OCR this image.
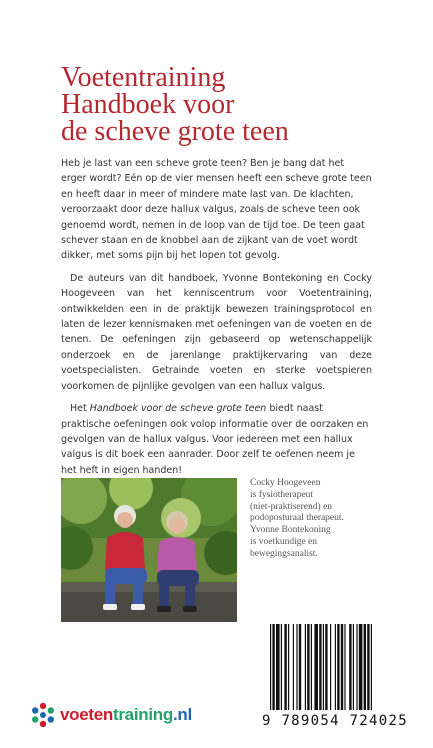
Voetentraining
Handboek voor
de scheve grote teen

Heb je last van een scheve grote teen? Ben je bang dat het erger wordt? Eén op de vier mensen heeft een scheve grote teen en heeft daar in meer of mindere mate last van. De klachten, veroorzaakt door deze hallux valgus, zoals de scheve teen ook genoemd wordt, nemen in de loop van de tijd toe. De teen gaat schever staan en de knobbel aan de zijkant van de voet wordt dikker, met soms pijn bij het lopen tot gevolg.

De auteurs van dit handboek, Yvonne Bontekoning en Cocky Hoogeveen van het kenniscentrum voor Voetentraining, ontwikkelden een in de praktijk bewezen trainingsprotocol en laten de lezer kennismaken met oefeningen van de voeten en de tenen. De oefeningen zijn gebaseerd op wetenschappelijk onderzoek en de jarenlange praktijkervaring van deze voetspecialisten. Getrainde voeten en sterke voetspieren voorkomen de pijnlijke gevolgen van een hallux valgus.

Het Handboek voor de scheve grote teen biedt naast praktische oefeningen ook volop informatie over de oorzaken en gevolgen van de hallux valgus. Voor iedereen met een hallux valgus is dit boek een aanrader. Door zelf te oefenen neem je het heft in eigen handen!

Cocky Hoogeveen
is fysiotherapeut
(niet-praktiserend) en
podoposturaal therapeut.
Yvonne Bontekoning
is voetkundige en
bewegingsanalist.
voetentraining.nl	9 789054 724025
